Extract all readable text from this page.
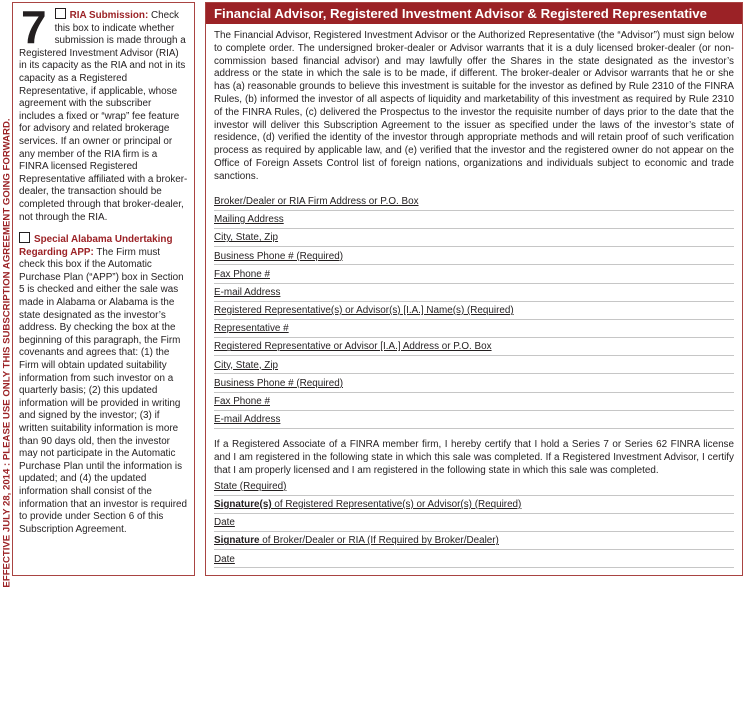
EFFECTIVE JULY 28, 2014 : PLEASE USE ONLY THIS SUBSCRIPTION AGREEMENT GOING FORWARD.
7	RIA Submission: Check this box to indicate whether submission is made through a Registered Investment Advisor (RIA) in its capacity as the RIA and not in its capacity as a Registered Representative, if applicable, whose agreement with the subscriber includes a fixed or “wrap” fee feature for advisory and related brokerage services. If an owner or principal or any member of the RIA firm is a FINRA licensed Registered Representative affiliated with a broker-dealer, the transaction should be completed through that broker-dealer, not through the RIA.

Special Alabama Undertaking Regarding APP: The Firm must check this box if the Automatic Purchase Plan (“APP”) box in Section 5 is checked and either the sale was made in Alabama or Alabama is the state designated as the investor’s address. By checking the box at the beginning of this paragraph, the Firm covenants and agrees that: (1) the Firm will obtain updated suitability information from such investor on a quarterly basis; (2) this updated information will be provided in writing and signed by the investor; (3) if written suitability information is more than 90 days old, then the investor may not participate in the Automatic Purchase Plan until the information is updated; and (4) the updated information shall consist of the information that an investor is required to provide under Section 6 of this Subscription Agreement.

Financial Advisor, Registered Investment Advisor & Registered Representative

The Financial Advisor, Registered Investment Advisor or the Authorized Representative (the “Advisor”) must sign below to complete order. The undersigned broker-dealer or Advisor warrants that it is a duly licensed broker-dealer (or non-commission based financial advisor) and may lawfully offer the Shares in the state designated as the investor’s address or the state in which the sale is to be made, if different. The broker-dealer or Advisor warrants that he or she has (a) reasonable grounds to believe this investment is suitable for the investor as defined by Rule 2310 of the FINRA Rules, (b) informed the investor of all aspects of liquidity and marketability of this investment as required by Rule 2310 of the FINRA Rules, (c) delivered the Prospectus to the investor the requisite number of days prior to the date that the investor will deliver this Subscription Agreement to the issuer as specified under the laws of the investor’s state of residence, (d) verified the identity of the investor through appropriate methods and will retain proof of such verification process as required by applicable law, and (e) verified that the investor and the registered owner do not appear on the Office of Foreign Assets Control list of foreign nations, organizations and individuals subject to economic and trade sanctions.

Broker/Dealer or RIA Firm Address or P.O. Box
Mailing Address
City, State, Zip
Business Phone # (Required)
Fax Phone #
E-mail Address
Registered Representative(s) or Advisor(s) [I.A.] Name(s) (Required)
Representative #
Registered Representative or Advisor [I.A.] Address or P.O. Box
City, State, Zip
Business Phone # (Required)
Fax Phone #
E-mail Address

If a Registered Associate of a FINRA member firm, I hereby certify that I hold a Series 7 or Series 62 FINRA license and I am registered in the following state in which this sale was completed. If a Registered Investment Advisor, I certify that I am properly licensed and I am registered in the following state in which this sale was completed.

State (Required)
Signature(s) of Registered Representative(s) or Advisor(s) (Required)
Date
Signature of Broker/Dealer or RIA (If Required by Broker/Dealer)
Date
